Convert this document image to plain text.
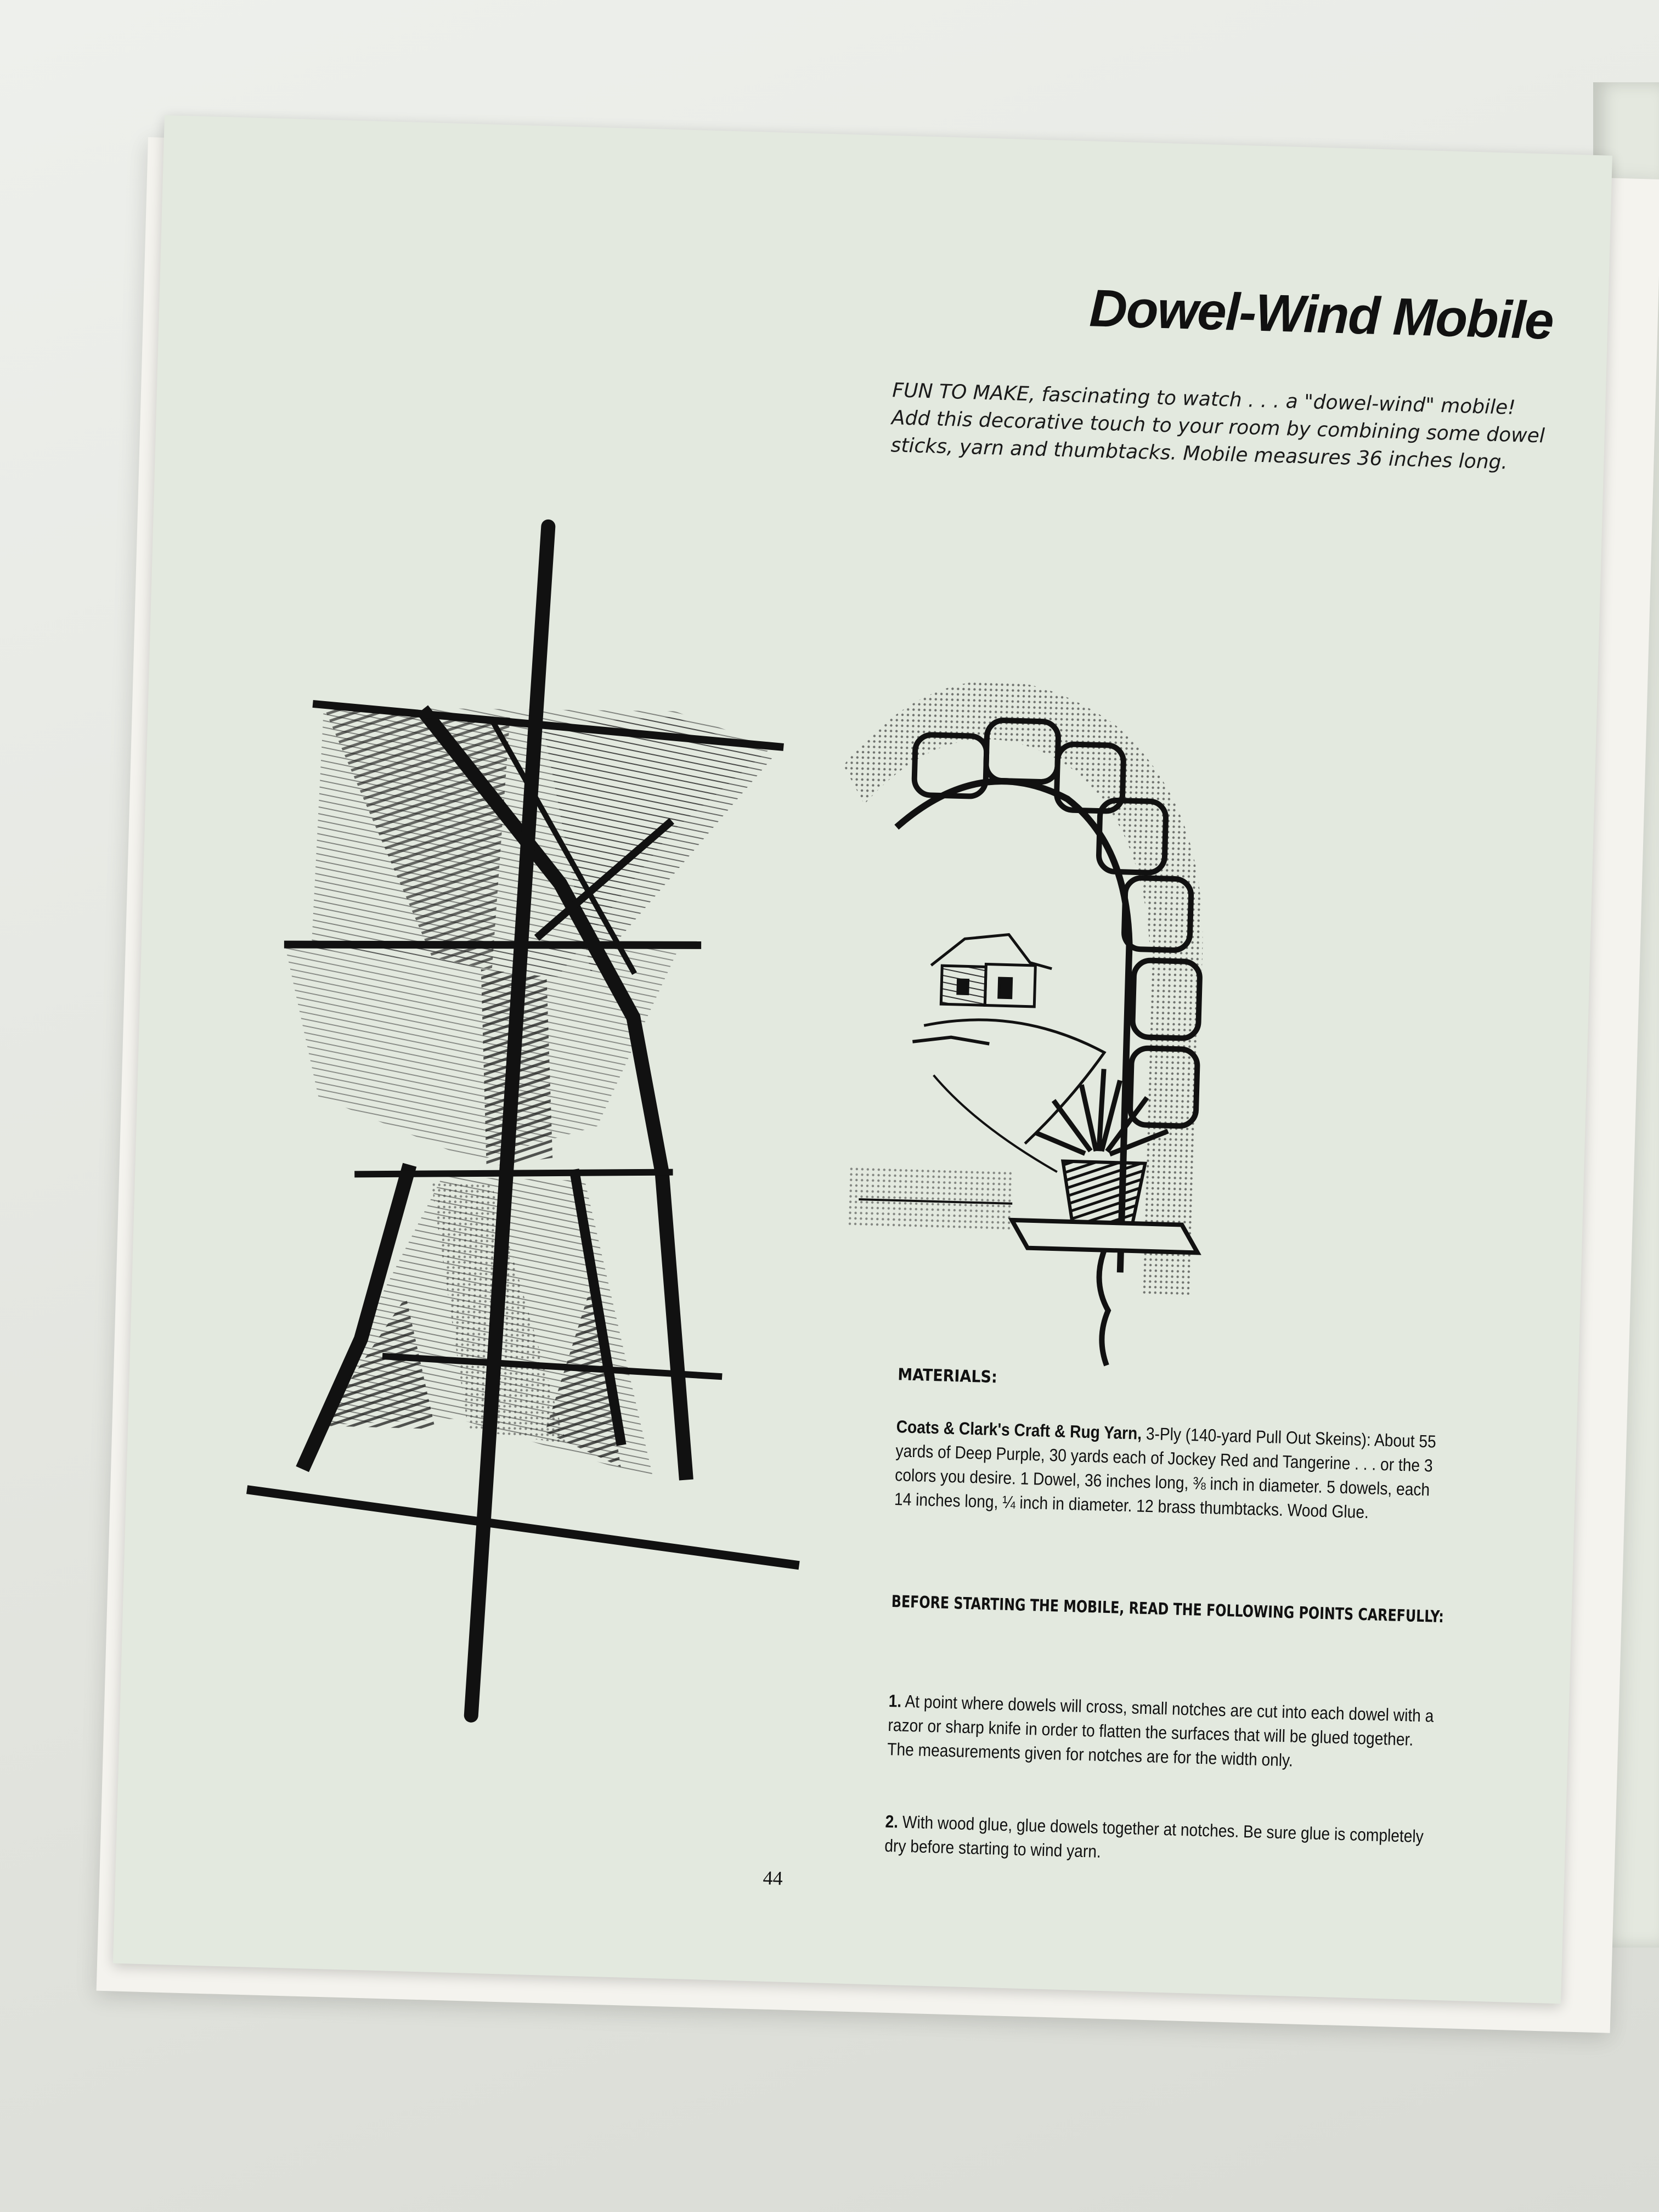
Dowel-Wind Mobile
FUN TO MAKE, fascinating to watch . . . a "dowel-wind" mobile! Add this decorative touch to your room by combining some dowel sticks, yarn and thumbtacks. Mobile measures 36 inches long.
MATERIALS:
Coats & Clark's Craft & Rug Yarn, 3-Ply (140-yard Pull Out Skeins): About 55 yards of Deep Purple, 30 yards each of Jockey Red and Tangerine . . . or the 3 colors you desire. 1 Dowel, 36 inches long, ⅜ inch in diameter. 5 dowels, each 14 inches long, ¼ inch in diameter. 12 brass thumbtacks. Wood Glue.
BEFORE STARTING THE MOBILE, READ THE FOLLOWING POINTS CAREFULLY:
1. At point where dowels will cross, small notches are cut into each dowel with a razor or sharp knife in order to flatten the surfaces that will be glued together. The measurements given for notches are for the width only.
2. With wood glue, glue dowels together at notches. Be sure glue is completely dry before starting to wind yarn.
44
